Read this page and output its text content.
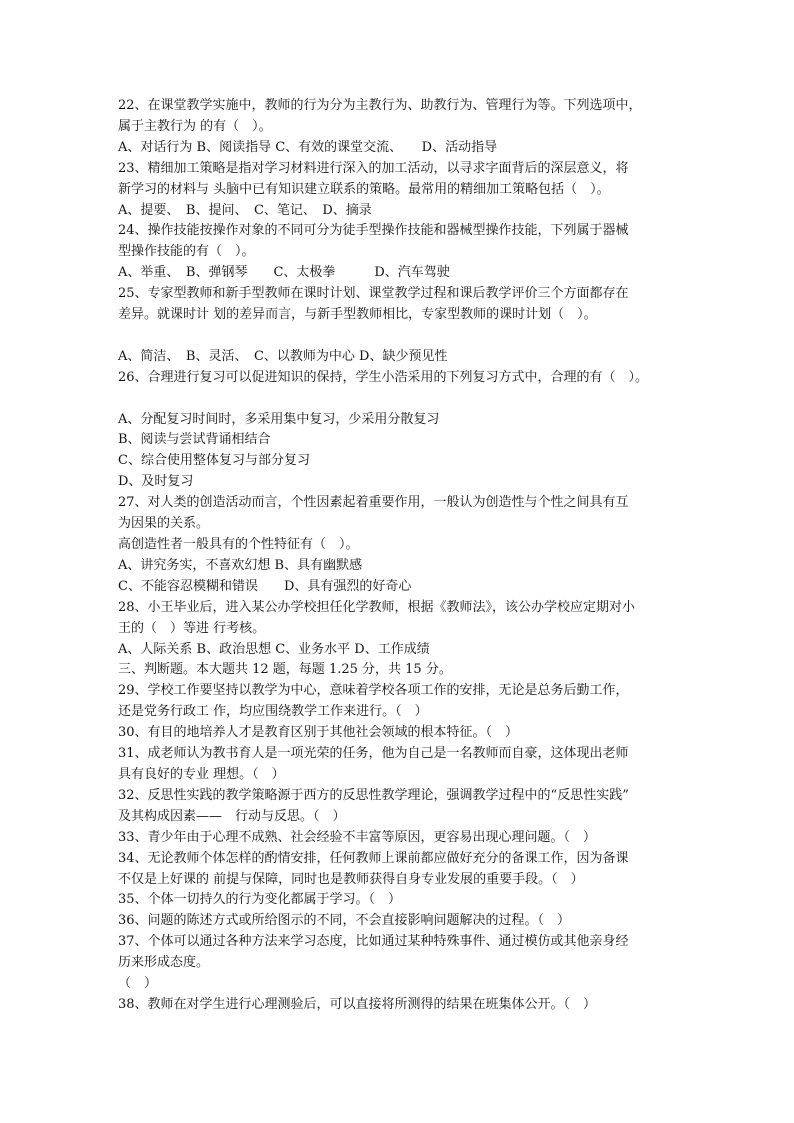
22、在课堂教学实施中，教师的行为分为主教行为、助教行为、管理行为等。下列选项中，
属于主教行为 的有（　）。
A、对话行为 B、阅读指导 C、有效的课堂交流、　　D、活动指导
23、精细加工策略是指对学习材料进行深入的加工活动，以寻求字面背后的深层意义，将
新学习的材料与 头脑中已有知识建立联系的策略。最常用的精细加工策略包括（　）。
A、提要、　B、提问、　C、笔记、　D、摘录
24、操作技能按操作对象的不同可分为徒手型操作技能和器械型操作技能，下列属于器械
型操作技能的有（　）。
A、举重、　B、弹钢琴　　C、太极拳　　　D、汽车驾驶
25、专家型教师和新手型教师在课时计划、课堂教学过程和课后教学评价三个方面都存在
差异。就课时计 划的差异而言，与新手型教师相比，专家型教师的课时计划（　）。
A、简洁、　B、灵活、　C、以教师为中心 D、缺少预见性
26、合理进行复习可以促进知识的保持，学生小浩采用的下列复习方式中，合理的有（　）。
A、分配复习时间时，多采用集中复习，少采用分散复习
B、阅读与尝试背诵相结合
C、综合使用整体复习与部分复习
D、及时复习
27、对人类的创造活动而言，个性因素起着重要作用，一般认为创造性与个性之间具有互
为因果的关系。
高创造性者一般具有的个性特征有（　）。
A、讲究务实，不喜欢幻想 B、具有幽默感
C、不能容忍模糊和错误　　D、具有强烈的好奇心
28、小王毕业后，进入某公办学校担任化学教师，根据《教师法》，该公办学校应定期对小
王的（　）等进 行考核。
A、人际关系 B、政治思想 C、业务水平 D、工作成绩
三、判断题。本大题共 12 题，每题 1.25 分，共 15 分。
29、学校工作要坚持以教学为中心，意味着学校各项工作的安排，无论是总务后勤工作，
还是党务行政工 作，均应围绕教学工作来进行。（　）
30、有目的地培养人才是教育区别于其他社会领域的根本特征。（　）
31、成老师认为教书育人是一项光荣的任务，他为自己是一名教师而自豪，这体现出老师
具有良好的专业 理想。（　）
32、反思性实践的教学策略源于西方的反思性教学理论，强调教学过程中的“反思性实践”
及其构成因素——　行动与反思。（　）
33、青少年由于心理不成熟、社会经验不丰富等原因，更容易出现心理问题。（　）
34、无论教师个体怎样的酌情安排，任何教师上课前都应做好充分的备课工作，因为备课
不仅是上好课的 前提与保障，同时也是教师获得自身专业发展的重要手段。（　）
35、个体一切持久的行为变化都属于学习。（　）
36、问题的陈述方式或所给图示的不同，不会直接影响问题解决的过程。（　）
37、个体可以通过各种方法来学习态度，比如通过某种特殊事件、通过模仿或其他亲身经
历来形成态度。
（　）
38、教师在对学生进行心理测验后，可以直接将所测得的结果在班集体公开。（　）
